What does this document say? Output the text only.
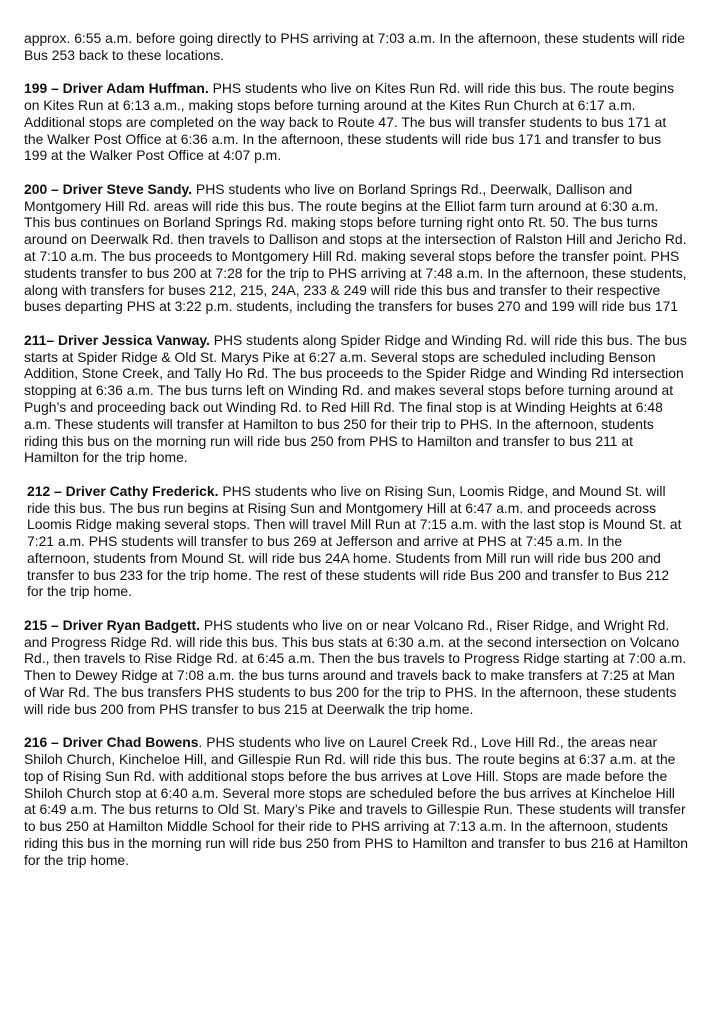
approx. 6:55 a.m. before going directly to PHS arriving at 7:03 a.m. In the afternoon, these students will ride Bus 253 back to these locations.

199 – Driver Adam Huffman. PHS students who live on Kites Run Rd. will ride this bus. The route begins on Kites Run at 6:13 a.m., making stops before turning around at the Kites Run Church at 6:17 a.m. Additional stops are completed on the way back to Route 47. The bus will transfer students to bus 171 at the Walker Post Office at 6:36 a.m. In the afternoon, these students will ride bus 171 and transfer to bus 199 at the Walker Post Office at 4:07 p.m.

200 – Driver Steve Sandy. PHS students who live on Borland Springs Rd., Deerwalk, Dallison and Montgomery Hill Rd. areas will ride this bus. The route begins at the Elliot farm turn around at 6:30 a.m. This bus continues on Borland Springs Rd. making stops before turning right onto Rt. 50. The bus turns around on Deerwalk Rd. then travels to Dallison and stops at the intersection of Ralston Hill and Jericho Rd. at 7:10 a.m. The bus proceeds to Montgomery Hill Rd. making several stops before the transfer point. PHS students transfer to bus 200 at 7:28 for the trip to PHS arriving at 7:48 a.m. In the afternoon, these students, along with transfers for buses 212, 215, 24A, 233 & 249 will ride this bus and transfer to their respective buses departing PHS at 3:22 p.m. students, including the transfers for buses 270 and 199 will ride bus 171

211– Driver Jessica Vanway. PHS students along Spider Ridge and Winding Rd. will ride this bus. The bus starts at Spider Ridge & Old St. Marys Pike at 6:27 a.m. Several stops are scheduled including Benson Addition, Stone Creek, and Tally Ho Rd. The bus proceeds to the Spider Ridge and Winding Rd intersection stopping at 6:36 a.m. The bus turns left on Winding Rd. and makes several stops before turning around at Pugh’s and proceeding back out Winding Rd. to Red Hill Rd. The final stop is at Winding Heights at 6:48 a.m. These students will transfer at Hamilton to bus 250 for their trip to PHS. In the afternoon, students riding this bus on the morning run will ride bus 250 from PHS to Hamilton and transfer to bus 211 at Hamilton for the trip home.

212 – Driver Cathy Frederick. PHS students who live on Rising Sun, Loomis Ridge, and Mound St. will ride this bus. The bus run begins at Rising Sun and Montgomery Hill at 6:47 a.m. and proceeds across Loomis Ridge making several stops. Then will travel Mill Run at 7:15 a.m. with the last stop is Mound St. at 7:21 a.m. PHS students will transfer to bus 269 at Jefferson and arrive at PHS at 7:45 a.m. In the afternoon, students from Mound St. will ride bus 24A home. Students from Mill run will ride bus 200 and transfer to bus 233 for the trip home. The rest of these students will ride Bus 200 and transfer to Bus 212 for the trip home.

215 – Driver Ryan Badgett. PHS students who live on or near Volcano Rd., Riser Ridge, and Wright Rd. and Progress Ridge Rd. will ride this bus. This bus stats at 6:30 a.m. at the second intersection on Volcano Rd., then travels to Rise Ridge Rd. at 6:45 a.m. Then the bus travels to Progress Ridge starting at 7:00 a.m. Then to Dewey Ridge at 7:08 a.m. the bus turns around and travels back to make transfers at 7:25 at Man of War Rd. The bus transfers PHS students to bus 200 for the trip to PHS. In the afternoon, these students will ride bus 200 from PHS transfer to bus 215 at Deerwalk the trip home.

216 – Driver Chad Bowens. PHS students who live on Laurel Creek Rd., Love Hill Rd., the areas near Shiloh Church, Kincheloe Hill, and Gillespie Run Rd. will ride this bus. The route begins at 6:37 a.m. at the top of Rising Sun Rd. with additional stops before the bus arrives at Love Hill. Stops are made before the Shiloh Church stop at 6:40 a.m. Several more stops are scheduled before the bus arrives at Kincheloe Hill at 6:49 a.m. The bus returns to Old St. Mary’s Pike and travels to Gillespie Run. These students will transfer to bus 250 at Hamilton Middle School for their ride to PHS arriving at 7:13 a.m. In the afternoon, students riding this bus in the morning run will ride bus 250 from PHS to Hamilton and transfer to bus 216 at Hamilton for the trip home.
